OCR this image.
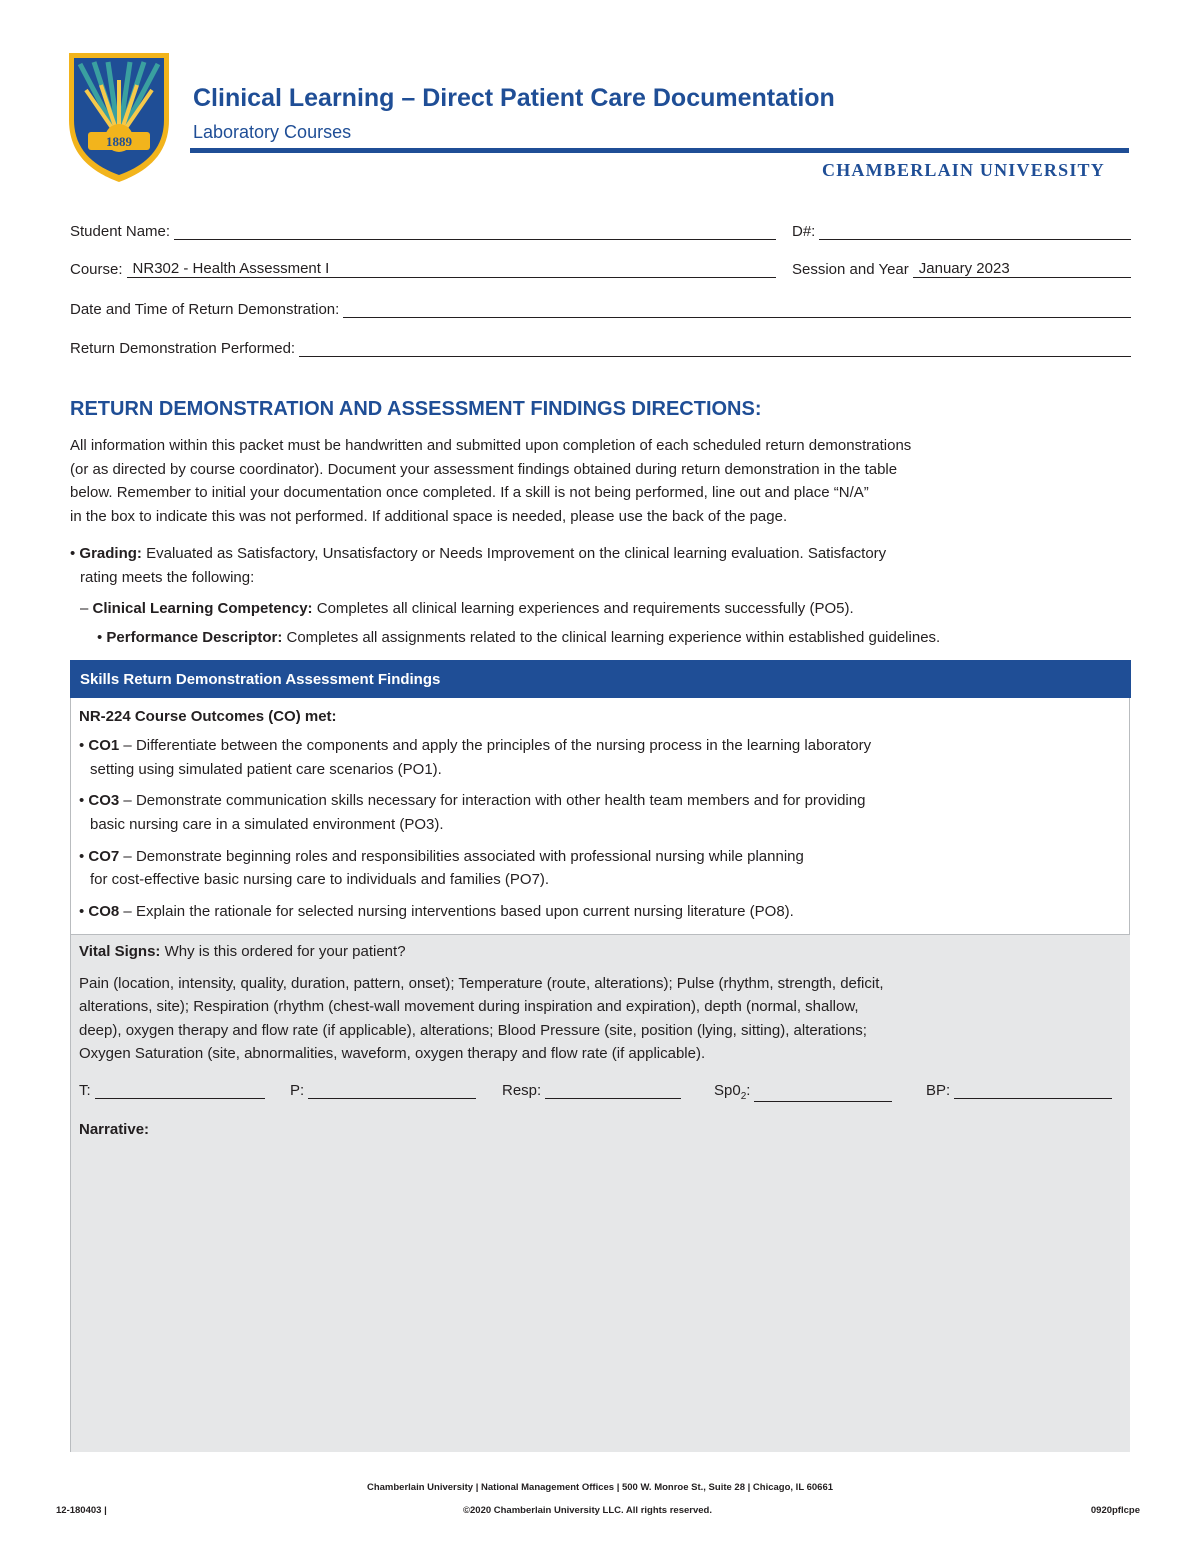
1889
Clinical Learning – Direct Patient Care Documentation
Laboratory Courses
CHAMBERLAIN UNIVERSITY
Student Name:	D#:
Course: NR302 - Health Assessment I	Session and Year January 2023
Date and Time of Return Demonstration:
Return Demonstration Performed:
RETURN DEMONSTRATION AND ASSESSMENT FINDINGS DIRECTIONS:
All information within this packet must be handwritten and submitted upon completion of each scheduled return demonstrations
(or as directed by course coordinator). Document your assessment findings obtained during return demonstration in the table
below. Remember to initial your documentation once completed. If a skill is not being performed, line out and place “N/A”
in the box to indicate this was not performed. If additional space is needed, please use the back of the page.
• Grading: Evaluated as Satisfactory, Unsatisfactory or Needs Improvement on the clinical learning evaluation. Satisfactory
rating meets the following:
– Clinical Learning Competency: Completes all clinical learning experiences and requirements successfully (PO5).
• Performance Descriptor: Completes all assignments related to the clinical learning experience within established guidelines.
Skills Return Demonstration Assessment Findings
NR-224 Course Outcomes (CO) met:
• CO1 – Differentiate between the components and apply the principles of the nursing process in the learning laboratory
setting using simulated patient care scenarios (PO1).
• CO3 – Demonstrate communication skills necessary for interaction with other health team members and for providing
basic nursing care in a simulated environment (PO3).
• CO7 – Demonstrate beginning roles and responsibilities associated with professional nursing while planning
for cost-effective basic nursing care to individuals and families (PO7).
• CO8 – Explain the rationale for selected nursing interventions based upon current nursing literature (PO8).
Vital Signs: Why is this ordered for your patient?
Pain (location, intensity, quality, duration, pattern, onset); Temperature (route, alterations); Pulse (rhythm, strength, deficit,
alterations, site); Respiration (rhythm (chest-wall movement during inspiration and expiration), depth (normal, shallow,
deep), oxygen therapy and flow rate (if applicable), alterations; Blood Pressure (site, position (lying, sitting), alterations;
Oxygen Saturation (site, abnormalities, waveform, oxygen therapy and flow rate (if applicable).
T:	P:	Resp:	$Sp0_2$:	BP:
Narrative:
Chamberlain University | National Management Offices | 500 W. Monroe St., Suite 28 | Chicago, IL 60661
12-180403 |	©2020 Chamberlain University LLC. All rights reserved.	0920pflcpe
